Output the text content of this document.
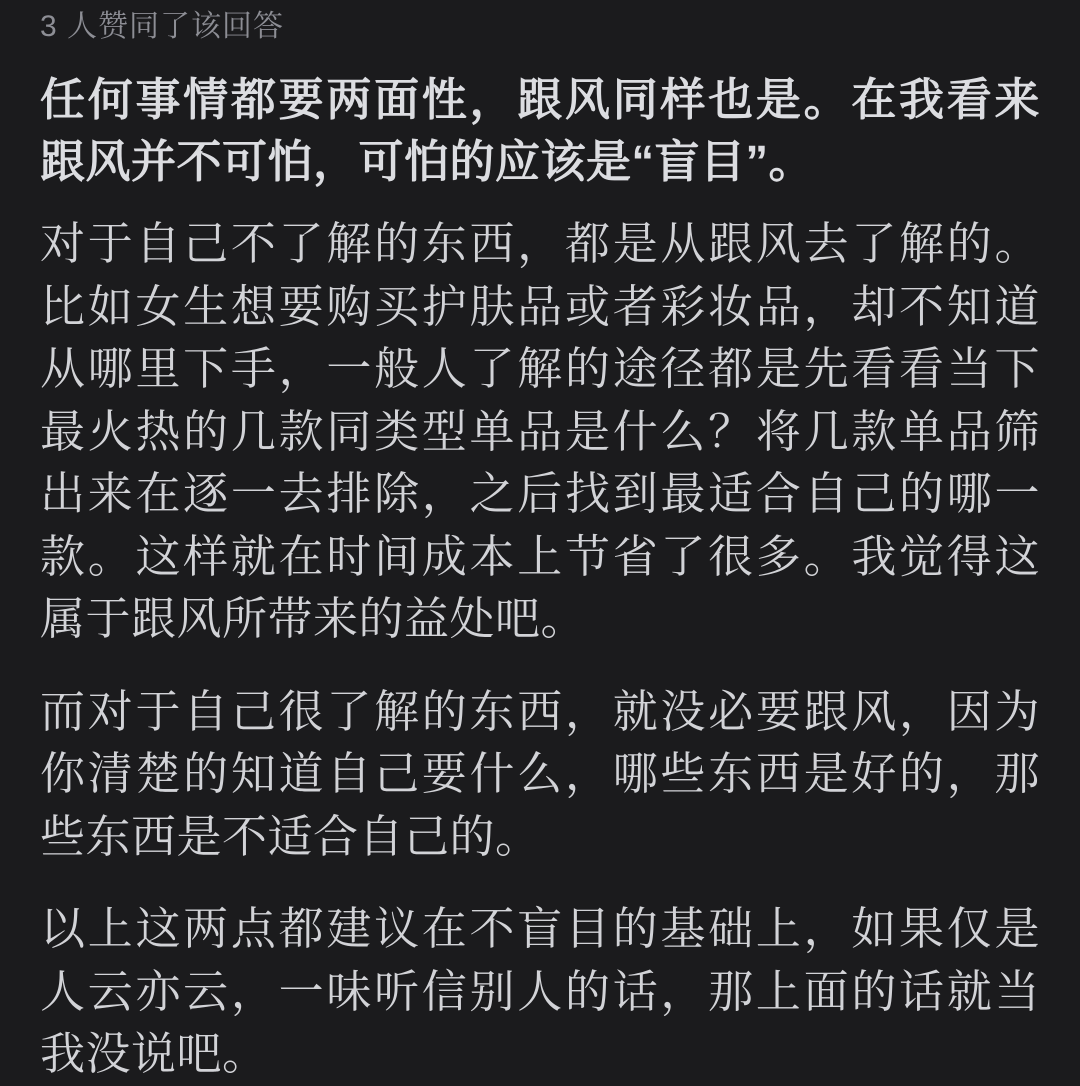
3 人赞同了该回答
任何事情都要两面性，跟风同样也是。在我看来跟风并不可怕，可怕的应该是“盲目”。

对于自己不了解的东西，都是从跟风去了解的。比如女生想要购买护肤品或者彩妆品，却不知道从哪里下手，一般人了解的途径都是先看看当下最火热的几款同类型单品是什么？将几款单品筛出来在逐一去排除，之后找到最适合自己的哪一款。这样就在时间成本上节省了很多。我觉得这属于跟风所带来的益处吧。

而对于自己很了解的东西，就没必要跟风，因为你清楚的知道自己要什么，哪些东西是好的，那些东西是不适合自己的。

以上这两点都建议在不盲目的基础上，如果仅是人云亦云，一味听信别人的话，那上面的话就当我没说吧。
